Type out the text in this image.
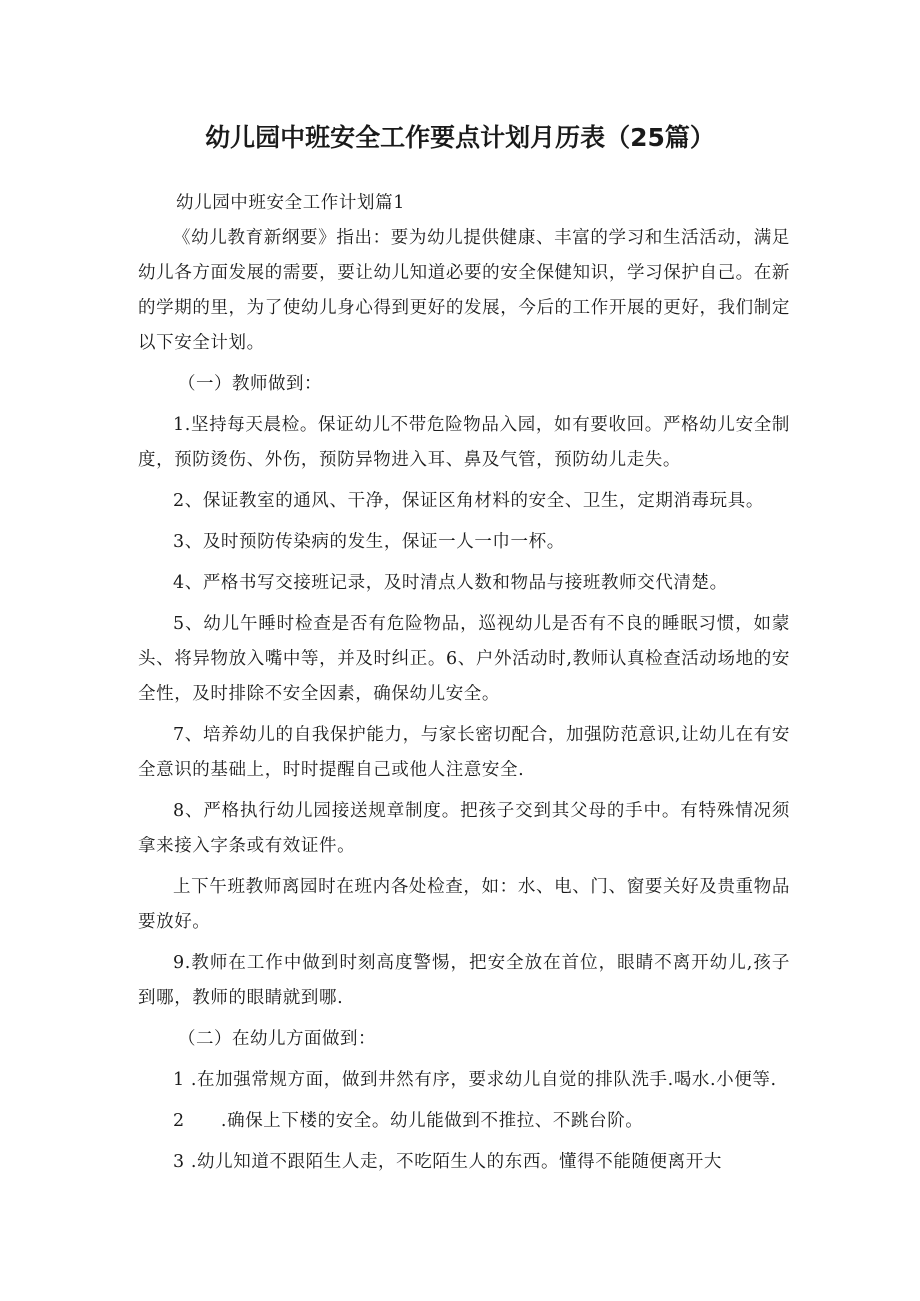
幼儿园中班安全工作要点计划月历表（25篇）

幼儿园中班安全工作计划篇1

《幼儿教育新纲要》指出：要为幼儿提供健康、丰富的学习和生活活动，满足幼儿各方面发展的需要，要让幼儿知道必要的安全保健知识，学习保护自己。在新的学期的里，为了使幼儿身心得到更好的发展，今后的工作开展的更好，我们制定以下安全计划。

（一）教师做到：

1.坚持每天晨检。保证幼儿不带危险物品入园，如有要收回。严格幼儿安全制度，预防烫伤、外伤，预防异物进入耳、鼻及气管，预防幼儿走失。

2、保证教室的通风、干净，保证区角材料的安全、卫生，定期消毒玩具。

3、及时预防传染病的发生，保证一人一巾一杯。

4、严格书写交接班记录，及时清点人数和物品与接班教师交代清楚。

5、幼儿午睡时检查是否有危险物品，巡视幼儿是否有不良的睡眠习惯，如蒙头、将异物放入嘴中等，并及时纠正。6、户外活动时,教师认真检查活动场地的安全性，及时排除不安全因素，确保幼儿安全。

7、培养幼儿的自我保护能力，与家长密切配合，加强防范意识,让幼儿在有安全意识的基础上，时时提醒自己或他人注意安全.

8、严格执行幼儿园接送规章制度。把孩子交到其父母的手中。有特殊情况须拿来接入字条或有效证件。

上下午班教师离园时在班内各处检查，如：水、电、门、窗要关好及贵重物品要放好。

9.教师在工作中做到时刻高度警惕，把安全放在首位，眼睛不离开幼儿,孩子到哪，教师的眼睛就到哪.

（二）在幼儿方面做到：

1 .在加强常规方面，做到井然有序，要求幼儿自觉的排队洗手.喝水.小便等.

2　　.确保上下楼的安全。幼儿能做到不推拉、不跳台阶。

3 .幼儿知道不跟陌生人走，不吃陌生人的东西。懂得不能随便离开大
